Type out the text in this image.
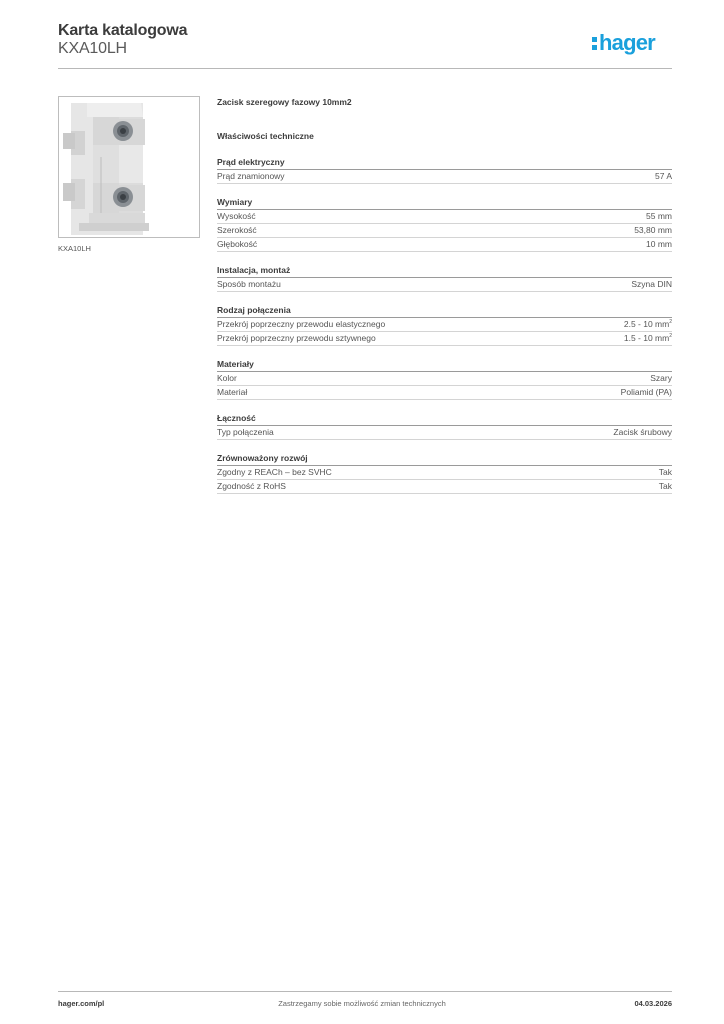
Karta katalogowa
KXA10LH	hager
KXA10LH
Zacisk szeregowy fazowy 10mm2
Właściwości techniczne
Prąd elektryczny
Prąd znamionowy	57 A
Wymiary
Wysokość	55 mm
Szerokość	53,80 mm
Głębokość	10 mm
Instalacja, montaż
Sposób montażu	Szyna DIN
Rodzaj połączenia
Przekrój poprzeczny przewodu elastycznego	2.5 - 10 $mm^2$
Przekrój poprzeczny przewodu sztywnego	1.5 - 10 $mm^2$
Materiały
Kolor	Szary
Materiał	Poliamid (PA)
Łączność
Typ połączenia	Zacisk śrubowy
Zrównoważony rozwój
Zgodny z REACh – bez SVHC	Tak
Zgodność z RoHS	Tak
hager.com/pl	Zastrzegamy sobie możliwość zmian technicznych	04.03.2026
